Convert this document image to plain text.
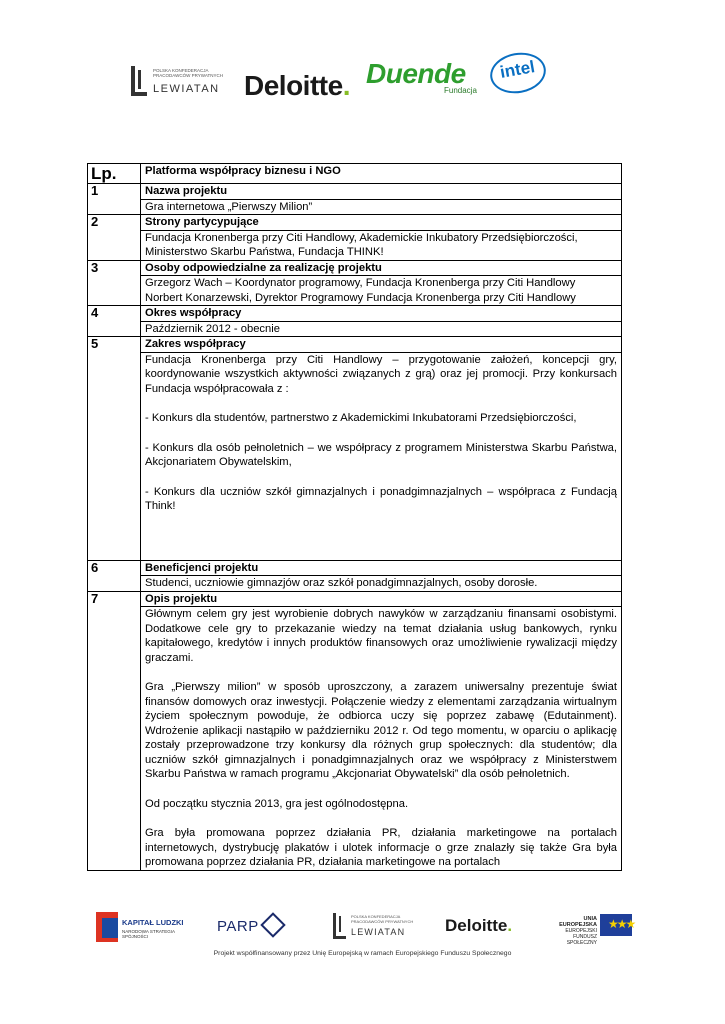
POLSKA KONFEDERACJA PRACODAWCÓW PRYWATNYCH
LEWIATAN Deloitte. Duende
Fundacja
intel
Lp.	Platforma współpracy biznesu i NGO
1	Nazwa projektu
	Gra internetowa „Pierwszy Milion”
2	Strony partycypujące
	Fundacja Kronenberga przy Citi Handlowy, Akademickie Inkubatory Przedsiębiorczości, Ministerstwo Skarbu Państwa, Fundacja THINK!
3	Osoby odpowiedzialne za realizację projektu

	Grzegorz Wach – Koordynator programowy, Fundacja Kronenberga przy Citi Handlowy
Norbert Konarzewski, Dyrektor Programowy Fundacja Kronenberga przy Citi Handlowy

4	Okres współpracy
	Październik 2012 - obecnie
5	Zakres współpracy

	Fundacja Kronenberga przy Citi Handlowy – przygotowanie założeń, koncepcji gry, koordynowanie wszystkich aktywności związanych z grą) oraz jej promocji. Przy konkursach Fundacja współpracowała z :

- Konkurs dla studentów, partnerstwo z Akademickimi Inkubatorami Przedsiębiorczości,

- Konkurs dla osób pełnoletnich – we współpracy z programem Ministerstwa Skarbu Państwa, Akcjonariatem Obywatelskim,

- Konkurs dla uczniów szkół gimnazjalnych i ponadgimnazjalnych – współpraca z Fundacją Think!

6	Beneficjenci projektu
	Studenci, uczniowie gimnazjów oraz szkół ponadgimnazjalnych, osoby dorosłe.
7	Opis projektu

	Głównym celem gry jest wyrobienie dobrych nawyków w zarządzaniu finansami osobistymi. Dodatkowe cele gry to przekazanie wiedzy na temat działania usług bankowych, rynku kapitałowego, kredytów i innych produktów finansowych oraz umożliwienie rywalizacji między graczami.

Gra „Pierwszy milion” w sposób uproszczony, a zarazem uniwersalny prezentuje świat finansów domowych oraz inwestycji. Połączenie wiedzy z elementami zarządzania wirtualnym życiem społecznym powoduje, że odbiorca uczy się poprzez zabawę (Edutainment). Wdrożenie aplikacji nastąpiło w październiku 2012 r. Od tego momentu, w oparciu o aplikację zostały przeprowadzone trzy konkursy dla różnych grup społecznych: dla studentów; dla uczniów szkół gimnazjalnych i ponadgimnazjalnych oraz we współpracy z Ministerstwem Skarbu Państwa w ramach programu „Akcjonariat Obywatelski” dla osób pełnoletnich.

Od początku stycznia 2013, gra jest ogólnodostępna.

Gra była promowana poprzez działania PR, działania marketingowe na portalach internetowych, dystrybucję plakatów i ulotek informacje o grze znalazły się także Gra była promowana poprzez działania PR, działania marketingowe na portalach

KAPITAŁ LUDZKI
NARODOWA STRATEGIA SPÓJNOŚCI
PARP
POLSKA KONFEDERACJA PRACODAWCÓW PRYWATNYCH
LEWIATAN Deloitte.	UNIA EUROPEJSKA
EUROPEJSKI
FUNDUSZ SPOŁECZNY
★★★
Projekt współfinansowany przez Unię Europejską w ramach Europejskiego Funduszu Społecznego
